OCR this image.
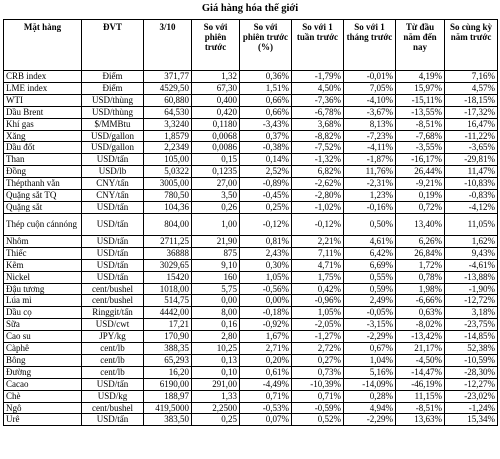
Giá hàng hóa thế giới
Mặt hàng	ĐVT	3/10	So với phiên trước	So với phiên trước (%)	So với 1 tuần trước	So với 1 tháng trước	Từ đầu năm đến nay	So cùng kỳ năm trước
CRB index	Điểm	371,77	1,32	0,36%	-1,79%	-0,01%	4,19%	7,16%
LME index	Điểm	4529,50	67,30	1,51%	4,50%	7,05%	15,97%	4,57%
WTI	USD/thùng	60,880	0,400	0,66%	-7,36%	-4,10%	-15,11%	-18,15%
Dầu Brent	USD/thùng	64,530	0,420	0,66%	-6,78%	-3,67%	-13,55%	-17,32%
Khí gas	$/MMBtu	3,3240	0,1180	-3,43%	3,68%	8,13%	-8,51%	16,47%
Xăng	USD/gallon	1,8579	0,0068	0,37%	-8,82%	-7,23%	-7,68%	-11,22%
Dầu đốt	USD/gallon	2,2349	0,0086	-0,38%	-7,52%	-4,11%	-3,55%	-3,65%
Than	USD/tấn	105,00	0,15	0,14%	-1,32%	-1,87%	-16,17%	-29,81%
Đồng	USD/lb	5,0322	0,1235	2,52%	6,82%	11,76%	26,44%	11,47%
Thépthanh vằn	CNY/tấn	3005,00	27,00	-0,89%	-2,62%	-2,31%	-9,21%	-10,83%
Quặng sắt TQ	CNY/tấn	780,50	3,50	-0,45%	-2,80%	1,23%	0,19%	-0,83%
Quặng sắt	USD/tấn	104,36	0,26	0,25%	-1,02%	-0,16%	0,72%	-4,12%
Thép cuộn cánnóng	USD/tấn	804,00	1,00	-0,12%	-0,12%	0,50%	13,40%	11,05%
Nhôm	USD/tấn	2711,25	21,90	0,81%	2,21%	4,61%	6,26%	1,62%
Thiếc	USD/tấn	36888	875	2,43%	7,11%	6,42%	26,84%	9,43%
Kẽm	USD/tấn	3029,65	9,10	0,30%	4,71%	6,69%	1,72%	-4,61%
Nickel	USD/tấn	15420	160	1,05%	1,75%	0,55%	0,78%	-13,88%
Đậu tương	cent/bushel	1018,00	5,75	-0,56%	0,42%	0,59%	1,98%	-1,90%
Lúa mì	cent/bushel	514,75	0,00	0,00%	-0,96%	2,49%	-6,66%	-12,72%
Dầu cọ	Ringgit/tấn	4442,00	8,00	-0,18%	1,05%	-0,05%	0,63%	3,18%
Sữa	USD/cwt	17,21	0,16	-0,92%	-2,05%	-3,15%	-8,02%	-23,75%
Cao su	JPY/kg	170,90	2,80	1,67%	-1,27%	-2,29%	-13,42%	-14,85%
Càphê	cent/lb	388,35	10,25	2,71%	2,72%	0,67%	21,17%	52,38%
Bông	cent/lb	65,293	0,13	0,20%	0,27%	1,04%	-4,50%	-10,59%
Đường	cent/lb	16,20	0,10	0,61%	0,73%	5,16%	-14,47%	-28,30%
Cacao	USD/tấn	6190,00	291,00	-4,49%	-10,39%	-14,09%	-46,19%	-12,27%
Chè	USD/kg	188,97	1,33	0,71%	0,71%	0,28%	11,15%	-23,02%
Ngô	cent/bushel	419,5000	2,2500	-0,53%	-0,59%	4,94%	-8,51%	-1,24%
Urê	USD/tấn	383,50	0,25	0,07%	0,52%	-2,29%	13,63%	15,34%
